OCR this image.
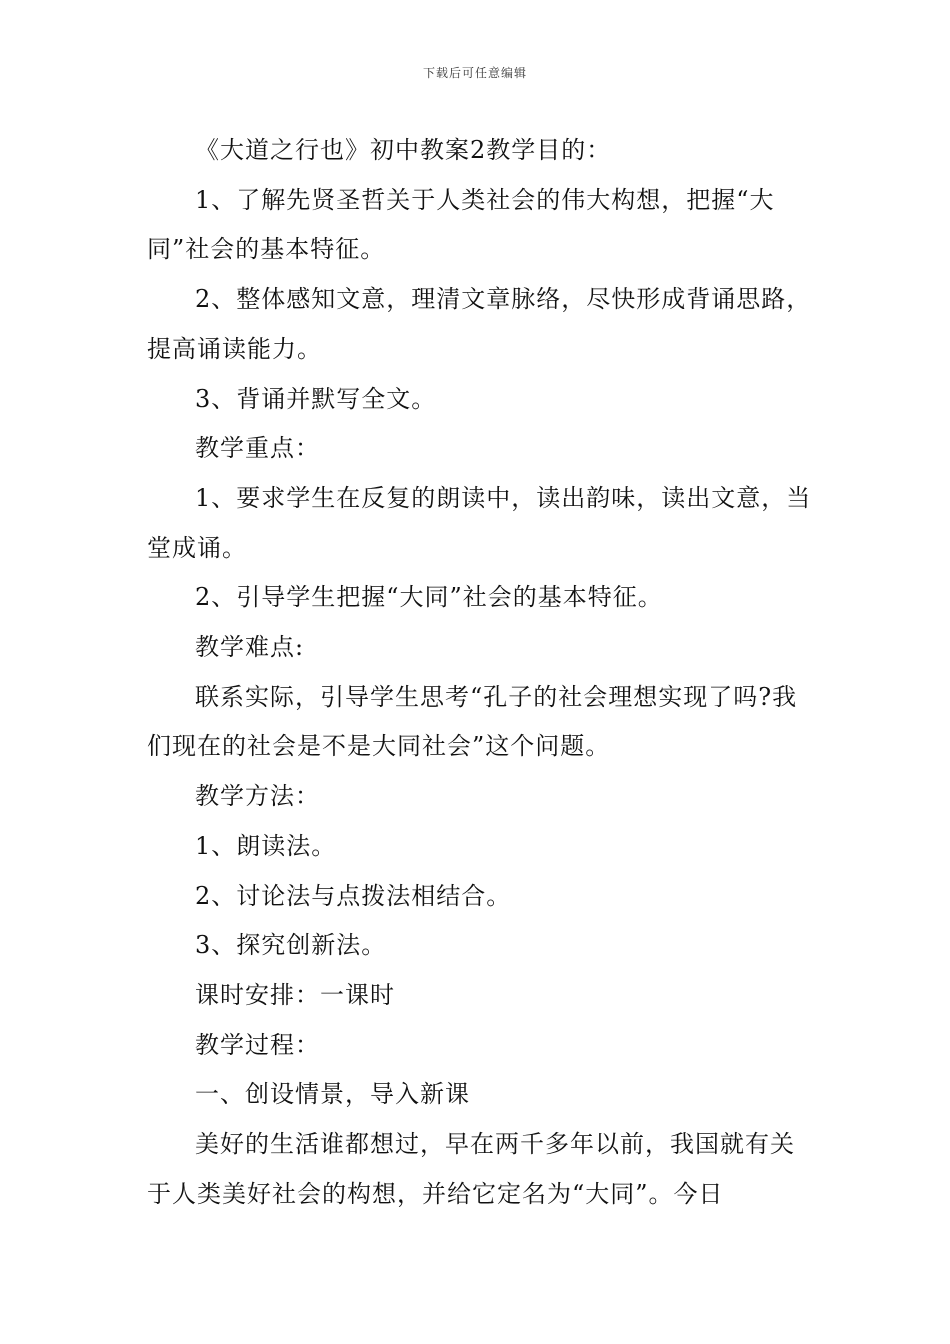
下载后可任意编辑

《大道之行也》初中教案2教学目的：

1、了解先贤圣哲关于人类社会的伟大构想，把握“大同”社会的基本特征。

2、整体感知文意，理清文章脉络，尽快形成背诵思路，提高诵读能力。

3、背诵并默写全文。

教学重点：

1、要求学生在反复的朗读中，读出韵味，读出文意，当堂成诵。

2、引导学生把握“大同”社会的基本特征。

教学难点:

联系实际，引导学生思考“孔子的社会理想实现了吗?我们现在的社会是不是大同社会”这个问题。

教学方法：

1、朗读法。

2、讨论法与点拨法相结合。

3、探究创新法。

课时安排：一课时

教学过程：

一、创设情景，导入新课

美好的生活谁都想过，早在两千多年以前，我国就有关于人类美好社会的构想，并给它定名为“大同”。今日
